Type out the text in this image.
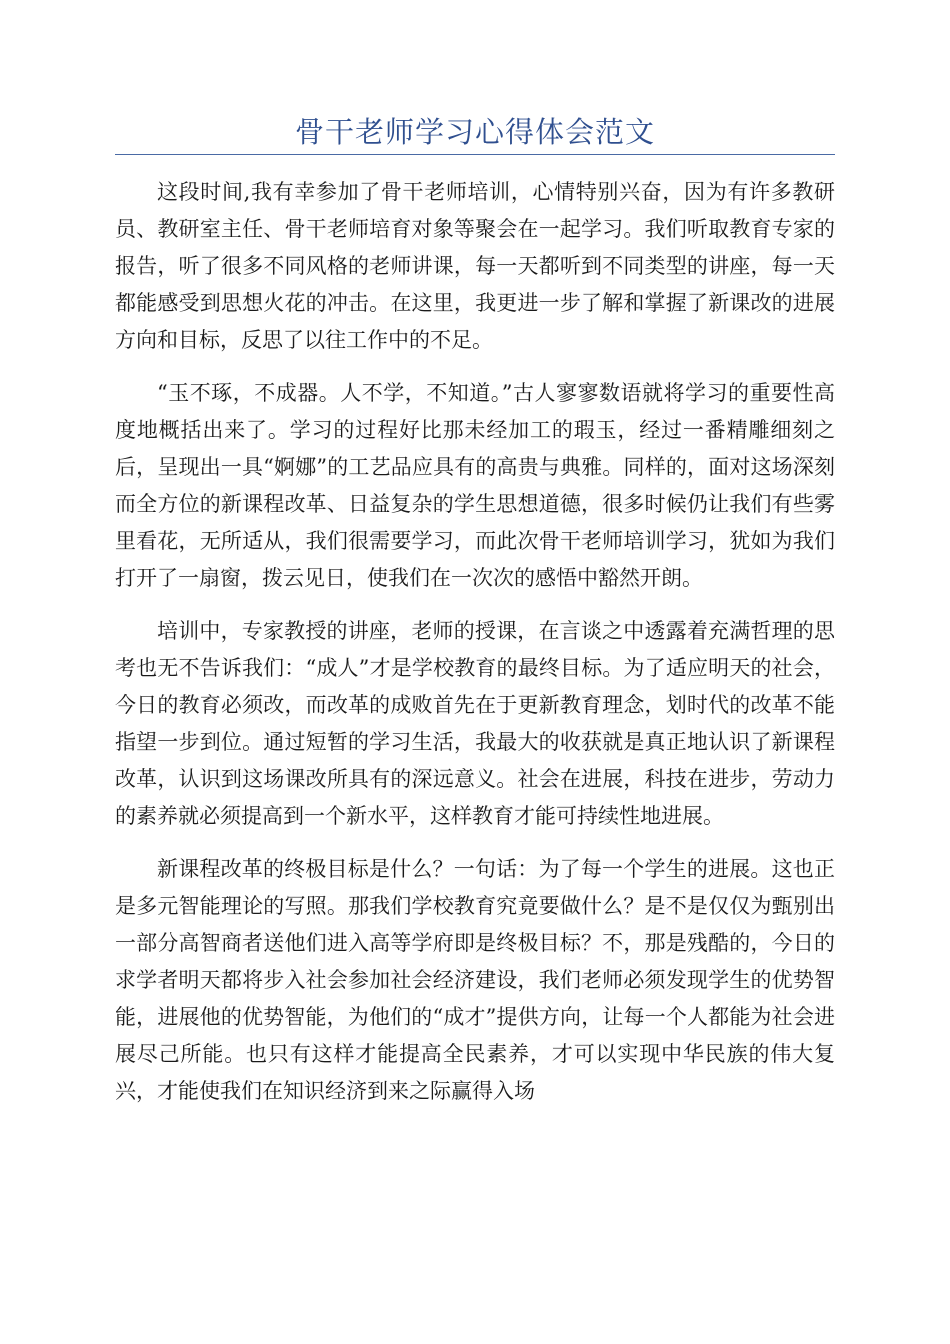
骨干老师学习心得体会范文

这段时间,我有幸参加了骨干老师培训，心情特别兴奋，因为有许多教研员、教研室主任、骨干老师培育对象等聚会在一起学习。我们听取教育专家的报告，听了很多不同风格的老师讲课，每一天都听到不同类型的讲座，每一天都能感受到思想火花的冲击。在这里，我更进一步了解和掌握了新课改的进展方向和目标，反思了以往工作中的不足。

“玉不琢，不成器。人不学，不知道。”古人寥寥数语就将学习的重要性高度地概括出来了。学习的过程好比那未经加工的瑕玉，经过一番精雕细刻之后，呈现出一具“婀娜”的工艺品应具有的高贵与典雅。同样的，面对这场深刻而全方位的新课程改革、日益复杂的学生思想道德，很多时候仍让我们有些雾里看花，无所适从，我们很需要学习，而此次骨干老师培训学习，犹如为我们打开了一扇窗，拨云见日，使我们在一次次的感悟中豁然开朗。

培训中，专家教授的讲座，老师的授课，在言谈之中透露着充满哲理的思考也无不告诉我们：“成人”才是学校教育的最终目标。为了适应明天的社会，今日的教育必须改，而改革的成败首先在于更新教育理念，划时代的改革不能指望一步到位。通过短暂的学习生活，我最大的收获就是真正地认识了新课程改革，认识到这场课改所具有的深远意义。社会在进展，科技在进步，劳动力的素养就必须提高到一个新水平，这样教育才能可持续性地进展。

新课程改革的终极目标是什么？一句话：为了每一个学生的进展。这也正是多元智能理论的写照。那我们学校教育究竟要做什么？是不是仅仅为甄别出一部分高智商者送他们进入高等学府即是终极目标？不，那是残酷的，今日的求学者明天都将步入社会参加社会经济建设，我们老师必须发现学生的优势智能，进展他的优势智能，为他们的“成才”提供方向，让每一个人都能为社会进展尽己所能。也只有这样才能提高全民素养，才可以实现中华民族的伟大复兴，才能使我们在知识经济到来之际赢得入场
